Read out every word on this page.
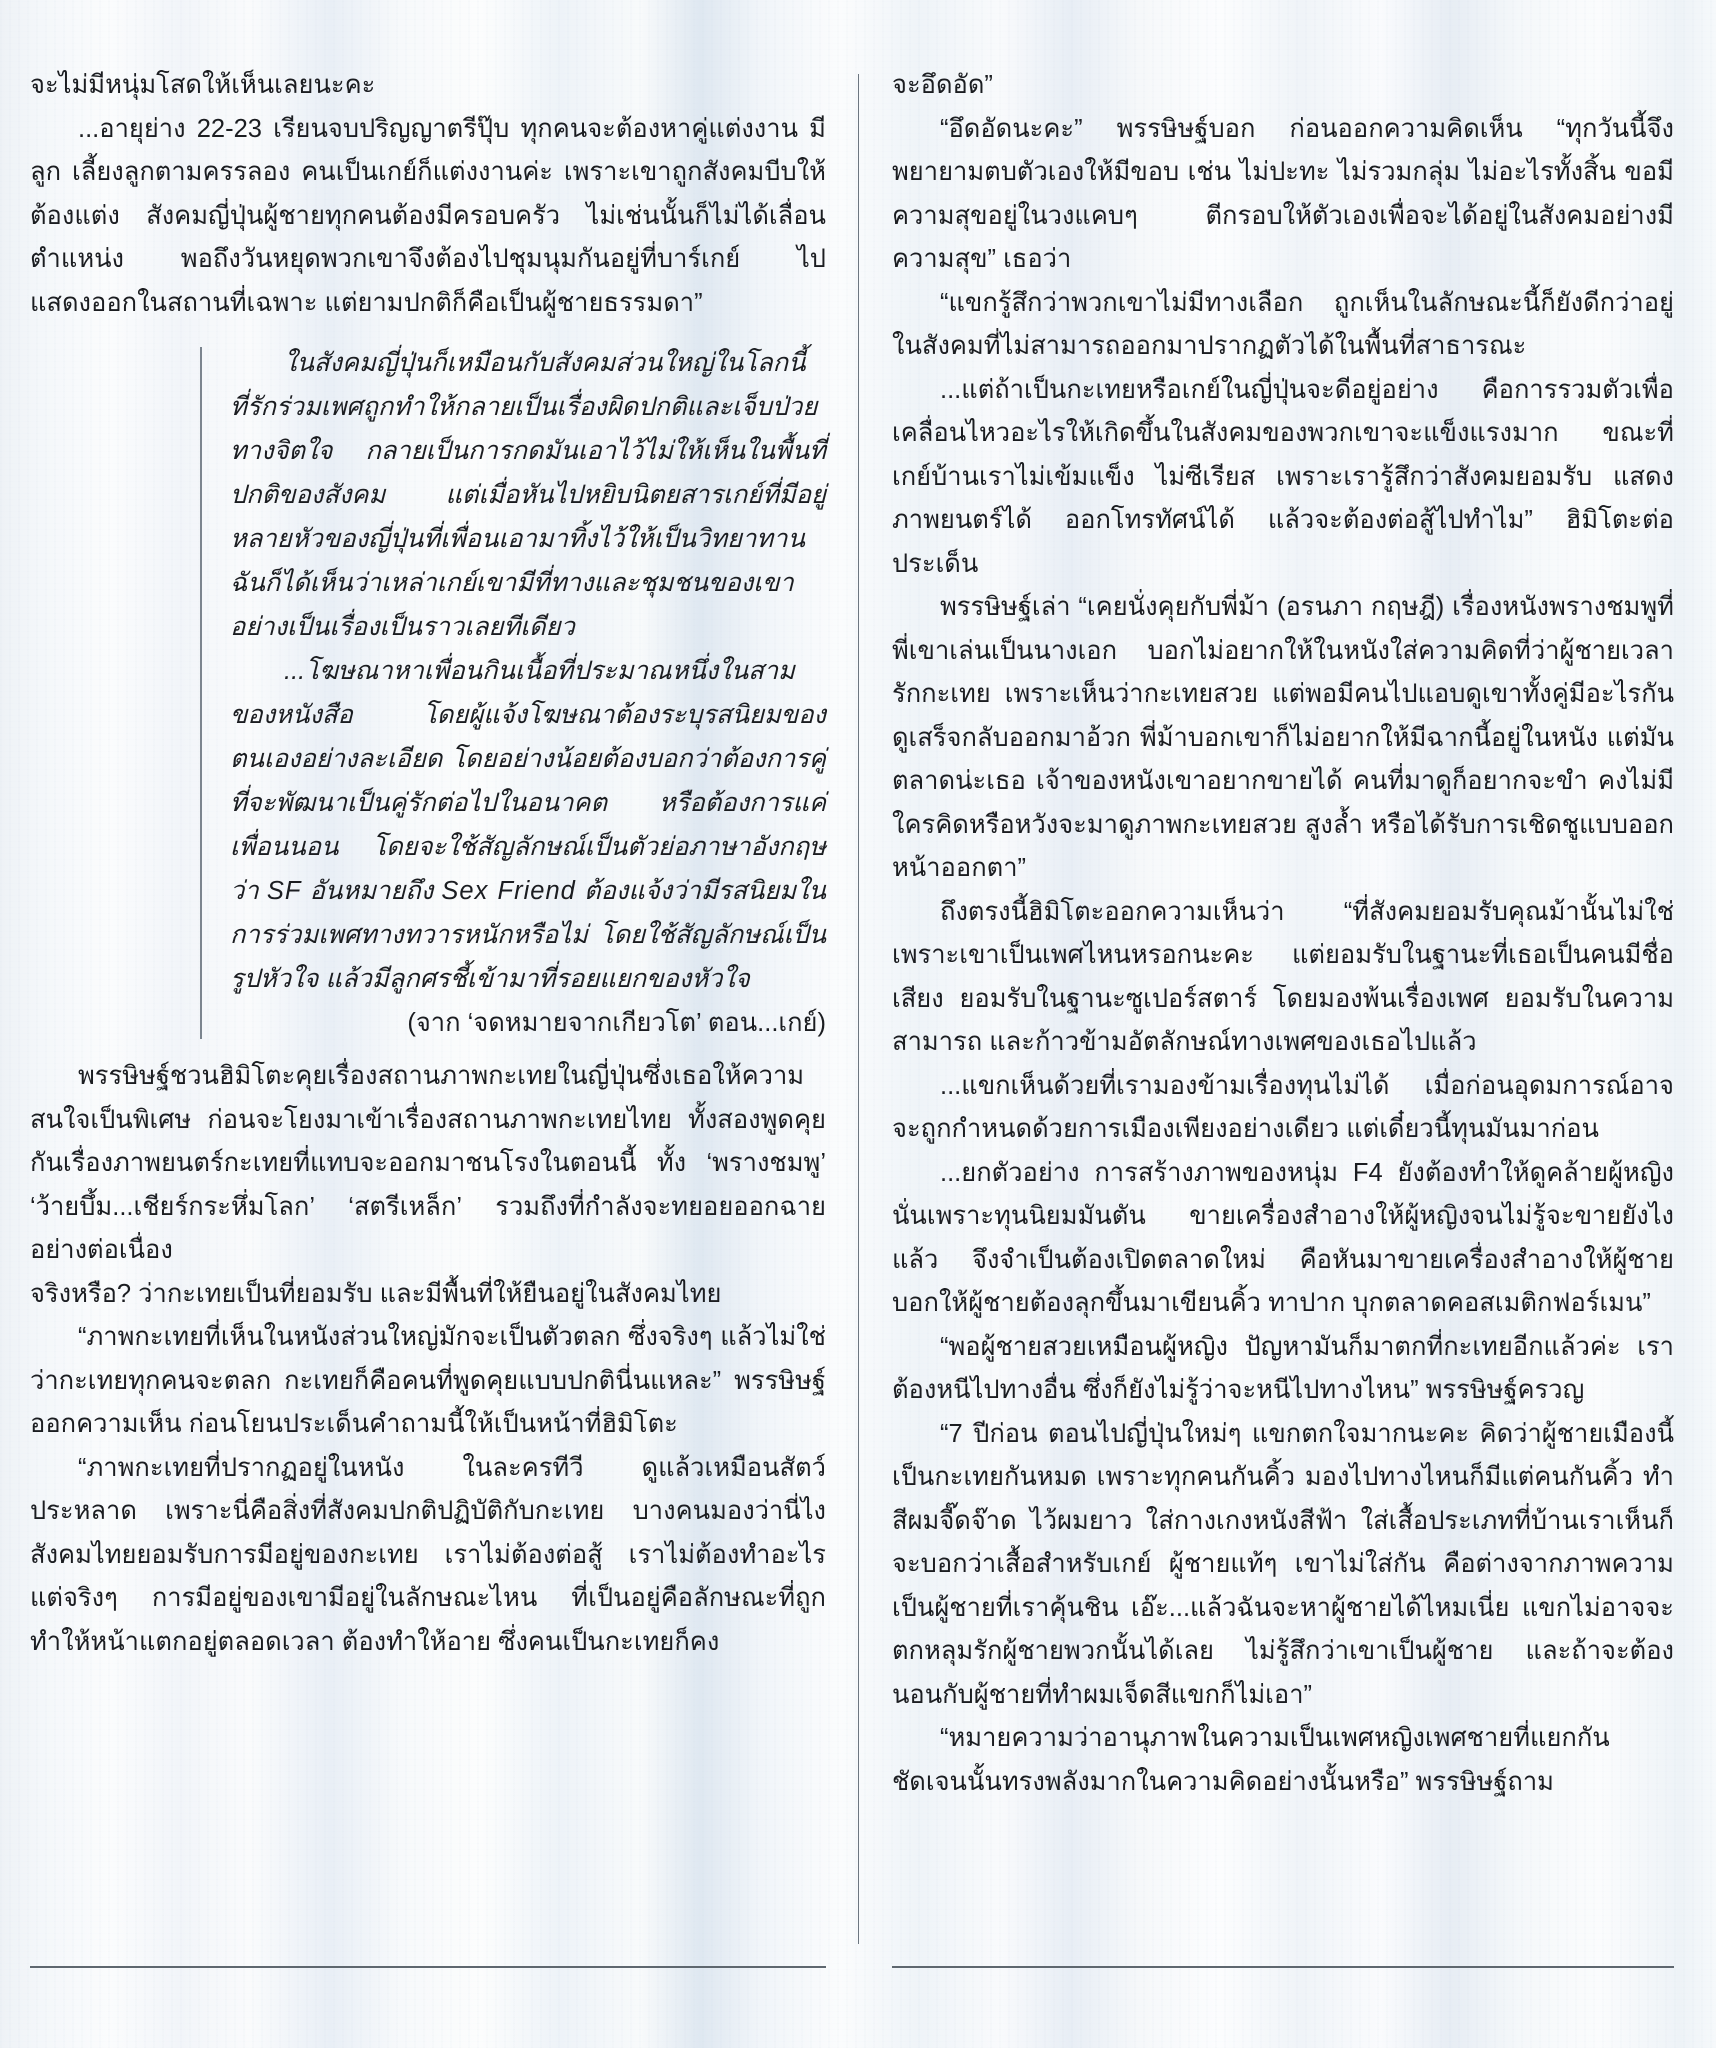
จะไม่มีหนุ่มโสดให้เห็นเลยนะคะ

...อายุย่าง 22-23 เรียนจบปริญญาตรีปุ๊บ ทุกคนจะต้องหาคู่แต่งงาน มีลูก เลี้ยงลูกตามครรลอง คนเป็นเกย์ก็แต่งงานค่ะ เพราะเขาถูกสังคมบีบให้ต้องแต่ง สังคมญี่ปุ่นผู้ชายทุกคนต้องมีครอบครัว ไม่เช่นนั้นก็ไม่ได้เลื่อนตำแหน่ง พอถึงวันหยุดพวกเขาจึงต้องไปชุมนุมกันอยู่ที่บาร์เกย์ ไปแสดงออกในสถานที่เฉพาะ แต่ยามปกติก็คือเป็นผู้ชายธรรมดา”

ในสังคมญี่ปุ่นก็เหมือนกับสังคมส่วนใหญ่ในโลกนี้ ที่รักร่วมเพศถูกทำให้กลายเป็นเรื่องผิดปกติและเจ็บป่วยทางจิตใจ กลายเป็นการกดมันเอาไว้ไม่ให้เห็นในพื้นที่ปกติของสังคม แต่เมื่อหันไปหยิบนิตยสารเกย์ที่มีอยู่หลายหัวของญี่ปุ่นที่เพื่อนเอามาทิ้งไว้ให้เป็นวิทยาทาน ฉันก็ได้เห็นว่าเหล่าเกย์เขามีที่ทางและชุมชนของเขาอย่างเป็นเรื่องเป็นราวเลยทีเดียว

...โฆษณาหาเพื่อนกินเนื้อที่ประมาณหนึ่งในสามของหนังสือ โดยผู้แจ้งโฆษณาต้องระบุรสนิยมของตนเองอย่างละเอียด โดยอย่างน้อยต้องบอกว่าต้องการคู่ที่จะพัฒนาเป็นคู่รักต่อไปในอนาคต หรือต้องการแค่เพื่อนนอน โดยจะใช้สัญลักษณ์เป็นตัวย่อภาษาอังกฤษว่า SF อันหมายถึง Sex Friend ต้องแจ้งว่ามีรสนิยมในการร่วมเพศทางทวารหนักหรือไม่ โดยใช้สัญลักษณ์เป็นรูปหัวใจ แล้วมีลูกศรชี้เข้ามาที่รอยแยกของหัวใจ

(จาก ‘จดหมายจากเกียวโต’ ตอน...เกย์)

พรรษิษฐ์ชวนฮิมิโตะคุยเรื่องสถานภาพกะเทยในญี่ปุ่นซึ่งเธอให้ความสนใจเป็นพิเศษ ก่อนจะโยงมาเข้าเรื่องสถานภาพกะเทยไทย ทั้งสองพูดคุยกันเรื่องภาพยนตร์กะเทยที่แทบจะออกมาชนโรงในตอนนี้ ทั้ง ‘พรางชมพู’ ‘ว้ายบึ้ม...เชียร์กระหึ่มโลก’ ‘สตรีเหล็ก’ รวมถึงที่กำลังจะทยอยออกฉายอย่างต่อเนื่อง

จริงหรือ? ว่ากะเทยเป็นที่ยอมรับ และมีพื้นที่ให้ยืนอยู่ในสังคมไทย

“ภาพกะเทยที่เห็นในหนังส่วนใหญ่มักจะเป็นตัวตลก ซึ่งจริงๆ แล้วไม่ใช่ว่ากะเทยทุกคนจะตลก กะเทยก็คือคนที่พูดคุยแบบปกตินี่นแหละ” พรรษิษฐ์ออกความเห็น ก่อนโยนประเด็นคำถามนี้ให้เป็นหน้าที่ฮิมิโตะ

“ภาพกะเทยที่ปรากฏอยู่ในหนัง ในละครทีวี ดูแล้วเหมือนสัตว์ประหลาด เพราะนี่คือสิ่งที่สังคมปกติปฏิบัติกับกะเทย บางคนมองว่านี่ไง สังคมไทยยอมรับการมีอยู่ของกะเทย เราไม่ต้องต่อสู้ เราไม่ต้องทำอะไร แต่จริงๆ การมีอยู่ของเขามีอยู่ในลักษณะไหน ที่เป็นอยู่คือลักษณะที่ถูกทำให้หน้าแตกอยู่ตลอดเวลา ต้องทำให้อาย ซึ่งคนเป็นกะเทยก็คง

จะอึดอัด”

“อึดอัดนะคะ” พรรษิษฐ์บอก ก่อนออกความคิดเห็น “ทุกวันนี้จึงพยายามตบตัวเองให้มีขอบ เช่น ไม่ปะทะ ไม่รวมกลุ่ม ไม่อะไรทั้งสิ้น ขอมีความสุขอยู่ในวงแคบๆ ตีกรอบให้ตัวเองเพื่อจะได้อยู่ในสังคมอย่างมีความสุข” เธอว่า

“แขกรู้สึกว่าพวกเขาไม่มีทางเลือก ถูกเห็นในลักษณะนี้ก็ยังดีกว่าอยู่ในสังคมที่ไม่สามารถออกมาปรากฏตัวได้ในพื้นที่สาธารณะ

...แต่ถ้าเป็นกะเทยหรือเกย์ในญี่ปุ่นจะดีอยู่อย่าง คือการรวมตัวเพื่อเคลื่อนไหวอะไรให้เกิดขึ้นในสังคมของพวกเขาจะแข็งแรงมาก ขณะที่เกย์บ้านเราไม่เข้มแข็ง ไม่ซีเรียส เพราะเรารู้สึกว่าสังคมยอมรับ แสดงภาพยนตร์ได้ ออกโทรทัศน์ได้ แล้วจะต้องต่อสู้ไปทำไม” ฮิมิโตะต่อประเด็น

พรรษิษฐ์เล่า “เคยนั่งคุยกับพี่ม้า (อรนภา กฤษฎี) เรื่องหนังพรางชมพูที่พี่เขาเล่นเป็นนางเอก บอกไม่อยากให้ในหนังใส่ความคิดที่ว่าผู้ชายเวลารักกะเทย เพราะเห็นว่ากะเทยสวย แต่พอมีคนไปแอบดูเขาทั้งคู่มีอะไรกัน ดูเสร็จกลับออกมาอ้วก พี่ม้าบอกเขาก็ไม่อยากให้มีฉากนี้อยู่ในหนัง แต่มันตลาดน่ะเธอ เจ้าของหนังเขาอยากขายได้ คนที่มาดูก็อยากจะขำ คงไม่มีใครคิดหรือหวังจะมาดูภาพกะเทยสวย สูงล้ำ หรือได้รับการเชิดชูแบบออกหน้าออกตา”

ถึงตรงนี้ฮิมิโตะออกความเห็นว่า “ที่สังคมยอมรับคุณม้านั้นไม่ใช่เพราะเขาเป็นเพศไหนหรอกนะคะ แต่ยอมรับในฐานะที่เธอเป็นคนมีชื่อเสียง ยอมรับในฐานะซูเปอร์สตาร์ โดยมองพ้นเรื่องเพศ ยอมรับในความสามารถ และก้าวข้ามอัตลักษณ์ทางเพศของเธอไปแล้ว

...แขกเห็นด้วยที่เรามองข้ามเรื่องทุนไม่ได้ เมื่อก่อนอุดมการณ์อาจจะถูกกำหนดด้วยการเมืองเพียงอย่างเดียว แต่เดี๋ยวนี้ทุนมันมาก่อน

...ยกตัวอย่าง การสร้างภาพของหนุ่ม F4 ยังต้องทำให้ดูคล้ายผู้หญิง นั่นเพราะทุนนิยมมันตัน ขายเครื่องสำอางให้ผู้หญิงจนไม่รู้จะขายยังไงแล้ว จึงจำเป็นต้องเปิดตลาดใหม่ คือหันมาขายเครื่องสำอางให้ผู้ชาย บอกให้ผู้ชายต้องลุกขึ้นมาเขียนคิ้ว ทาปาก บุกตลาดคอสเมติกฟอร์เมน”

“พอผู้ชายสวยเหมือนผู้หญิง ปัญหามันก็มาตกที่กะเทยอีกแล้วค่ะ เราต้องหนีไปทางอื่น ซึ่งก็ยังไม่รู้ว่าจะหนีไปทางไหน” พรรษิษฐ์ครวญ

“7 ปีก่อน ตอนไปญี่ปุ่นใหม่ๆ แขกตกใจมากนะคะ คิดว่าผู้ชายเมืองนี้เป็นกะเทยกันหมด เพราะทุกคนกันคิ้ว มองไปทางไหนก็มีแต่คนกันคิ้ว ทำสีผมจี๊ดจ๊าด ไว้ผมยาว ใส่กางเกงหนังสีฟ้า ใส่เสื้อประเภทที่บ้านเราเห็นก็จะบอกว่าเสื้อสำหรับเกย์ ผู้ชายแท้ๆ เขาไม่ใส่กัน คือต่างจากภาพความเป็นผู้ชายที่เราคุ้นชิน เอ๊ะ...แล้วฉันจะหาผู้ชายได้ไหมเนี่ย แขกไม่อาจจะตกหลุมรักผู้ชายพวกนั้นได้เลย ไม่รู้สึกว่าเขาเป็นผู้ชาย และถ้าจะต้องนอนกับผู้ชายที่ทำผมเจ็ดสีแขกก็ไม่เอา”

“หมายความว่าอานุภาพในความเป็นเพศหญิงเพศชายที่แยกกันชัดเจนนั้นทรงพลังมากในความคิดอย่างนั้นหรือ” พรรษิษฐ์ถาม
